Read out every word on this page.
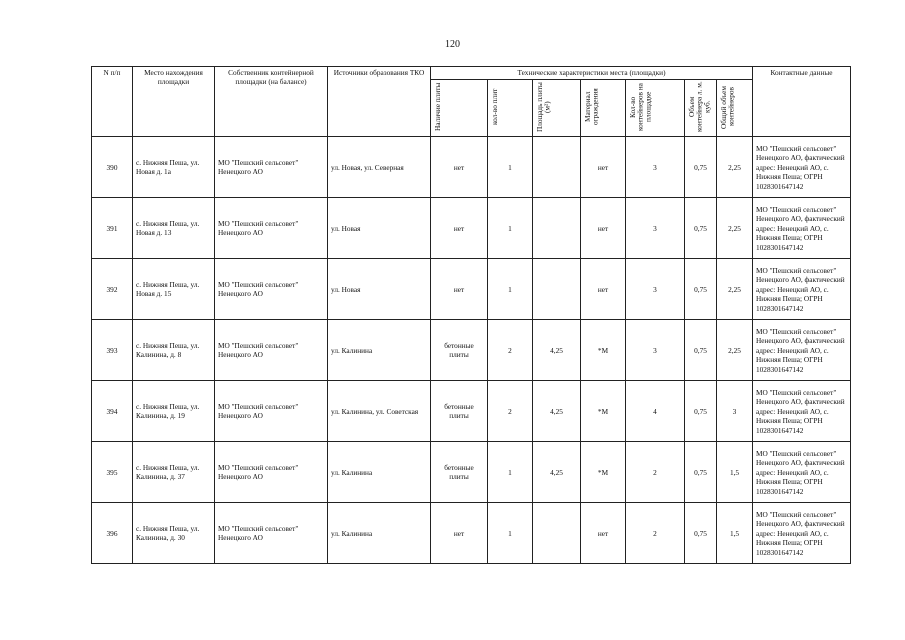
120
N п/п	Место нахождения площадки	Собственник контейнерной площадки (на балансе)	Источники образования ТКО	Технические характеристики места (площадки)							Контактные данные
				Наличие плиты	кол-во плит	Площадь плиты (м²)	Материал ограждения	Кол-во контейнеров на площадке	Объем контейнера л. м. куб.	Общий объем контейнеров	
390	с. Нижняя Пеша, ул. Новая д. 1а	МО "Пешский сельсовет" Ненецкого АО	ул. Новая, ул. Северная	нет	1		нет	3	0,75	2,25	МО "Пешский сельсовет" Ненецкого АО, фактический адрес: Ненецкий АО, с. Нижняя Пеша; ОГРН 1028301647142
391	с. Нижняя Пеша, ул. Новая д. 13	МО "Пешский сельсовет" Ненецкого АО	ул. Новая	нет	1		нет	3	0,75	2,25	МО "Пешский сельсовет" Ненецкого АО, фактический адрес: Ненецкий АО, с. Нижняя Пеша; ОГРН 1028301647142
392	с. Нижняя Пеша, ул. Новая д. 15	МО "Пешский сельсовет" Ненецкого АО	ул. Новая	нет	1		нет	3	0,75	2,25	МО "Пешский сельсовет" Ненецкого АО, фактический адрес: Ненецкий АО, с. Нижняя Пеша; ОГРН 1028301647142
393	с. Нижняя Пеша, ул. Калинина, д. 8	МО "Пешский сельсовет" Ненецкого АО	ул. Калинина	бетонные плиты	2	4,25	*М	3	0,75	2,25	МО "Пешский сельсовет" Ненецкого АО, фактический адрес: Ненецкий АО, с. Нижняя Пеша; ОГРН 1028301647142
394	с. Нижняя Пеша, ул. Калинина, д. 19	МО "Пешский сельсовет" Ненецкого АО	ул. Калинина, ул. Советская	бетонные плиты	2	4,25	*М	4	0,75	3	МО "Пешский сельсовет" Ненецкого АО, фактический адрес: Ненецкий АО, с. Нижняя Пеша; ОГРН 1028301647142
395	с. Нижняя Пеша, ул. Калинина, д. 37	МО "Пешский сельсовет" Ненецкого АО	ул. Калинина	бетонные плиты	1	4,25	*М	2	0,75	1,5	МО "Пешский сельсовет" Ненецкого АО, фактический адрес: Ненецкий АО, с. Нижняя Пеша; ОГРН 1028301647142
396	с. Нижняя Пеша, ул. Калинина, д. 30	МО "Пешский сельсовет" Ненецкого АО	ул. Калинина	нет	1		нет	2	0,75	1,5	МО "Пешский сельсовет" Ненецкого АО, фактический адрес: Ненецкий АО, с. Нижняя Пеша; ОГРН 1028301647142
